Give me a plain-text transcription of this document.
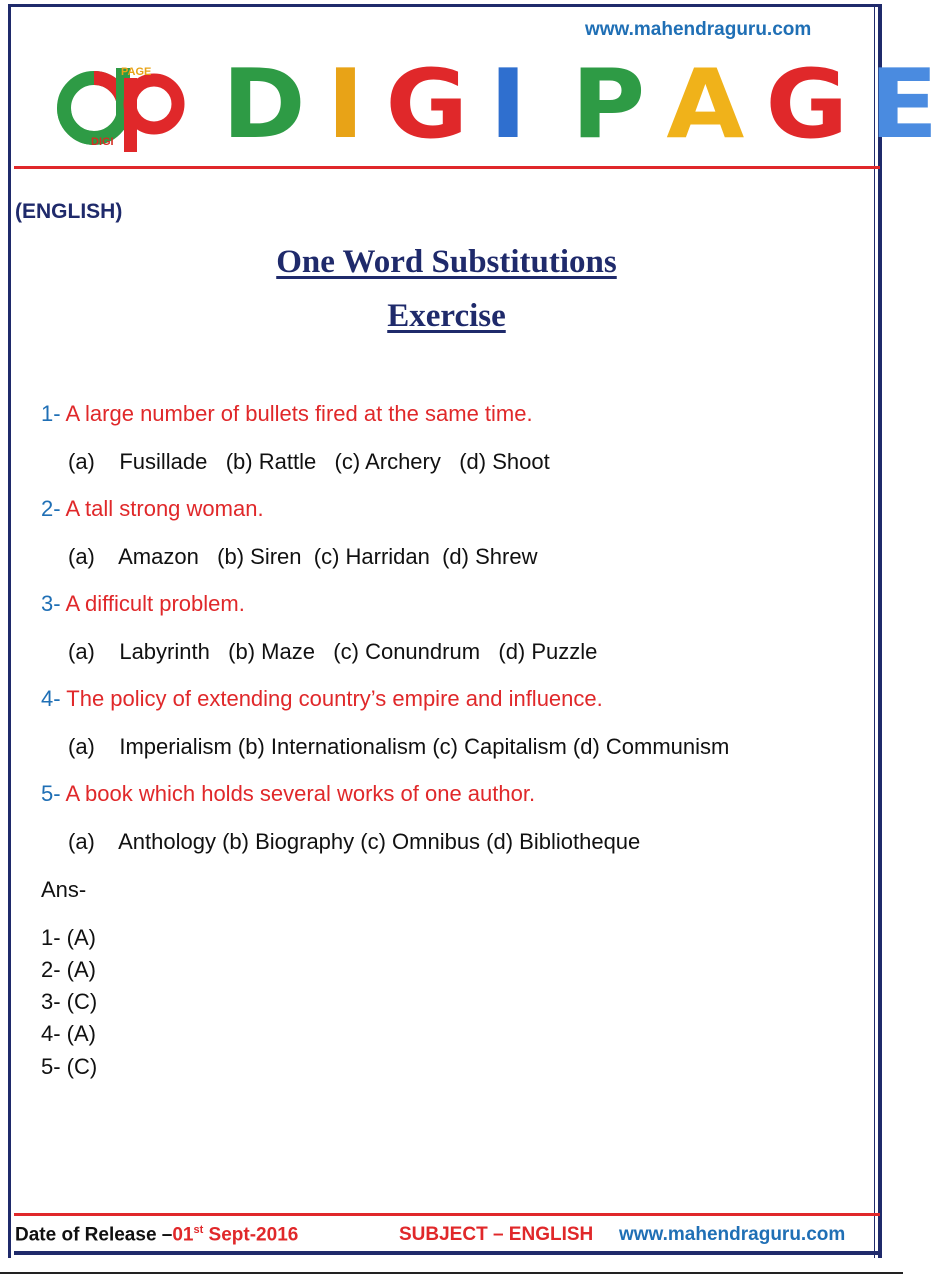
www.mahendraguru.com
PAGE
DIGI D I G I P A G E
(ENGLISH)
One Word Substitutions
Exercise
1- A large number of bullets fired at the same time.
(a)    Fusillade   (b) Rattle   (c) Archery   (d) Shoot
2- A tall strong woman.
(a)    Amazon   (b) Siren  (c) Harridan  (d) Shrew
3- A difficult problem.
(a)    Labyrinth   (b) Maze   (c) Conundrum   (d) Puzzle
4- The policy of extending country’s empire and influence.
(a)    Imperialism (b) Internationalism (c) Capitalism (d) Communism
5- A book which holds several works of one author.
(a)    Anthology (b) Biography (c) Omnibus (d) Bibliotheque
Ans-
1- (A)
2- (A)
3- (C)
4- (A)
5- (C)
Date of Release –01st Sept-2016	SUBJECT – ENGLISH www.mahendraguru.com
